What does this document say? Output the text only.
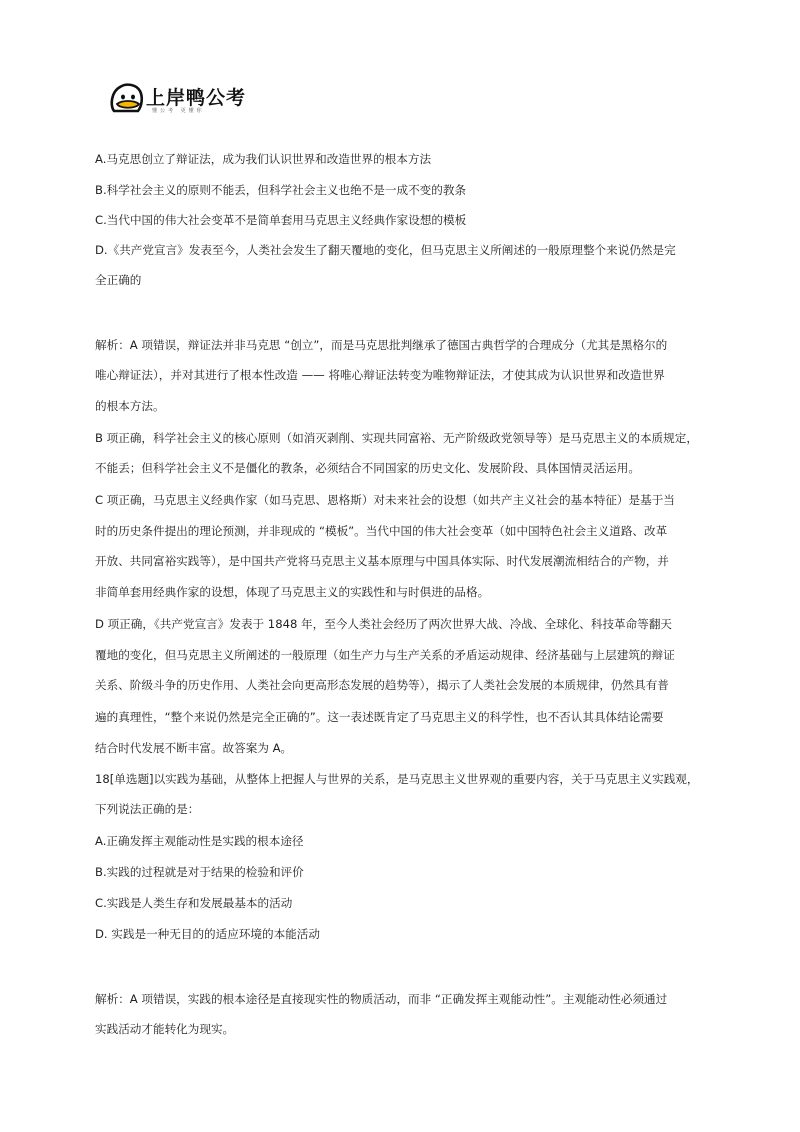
上岸鸭公考
懂公考 更懂你
A.马克思创立了辩证法，成为我们认识世界和改造世界的根本方法
B.科学社会主义的原则不能丢，但科学社会主义也绝不是一成不变的教条
C.当代中国的伟大社会变革不是简单套用马克思主义经典作家设想的模板
D.《共产党宣言》发表至今，人类社会发生了翻天覆地的变化，但马克思主义所阐述的一般原理整个来说仍然是完
全正确的
解析：A 项错误，辩证法并非马克思 “创立”，而是马克思批判继承了德国古典哲学的合理成分（尤其是黑格尔的
唯心辩证法），并对其进行了根本性改造 —— 将唯心辩证法转变为唯物辩证法，才使其成为认识世界和改造世界
的根本方法。
B 项正确，科学社会主义的核心原则（如消灭剥削、实现共同富裕、无产阶级政党领导等）是马克思主义的本质规定，
不能丢；但科学社会主义不是僵化的教条，必须结合不同国家的历史文化、发展阶段、具体国情灵活运用。
C 项正确，马克思主义经典作家（如马克思、恩格斯）对未来社会的设想（如共产主义社会的基本特征）是基于当
时的历史条件提出的理论预测，并非现成的 “模板”。当代中国的伟大社会变革（如中国特色社会主义道路、改革
开放、共同富裕实践等），是中国共产党将马克思主义基本原理与中国具体实际、时代发展潮流相结合的产物，并
非简单套用经典作家的设想，体现了马克思主义的实践性和与时俱进的品格。
D 项正确，《共产党宣言》发表于 1848 年，至今人类社会经历了两次世界大战、冷战、全球化、科技革命等翻天
覆地的变化，但马克思主义所阐述的一般原理（如生产力与生产关系的矛盾运动规律、经济基础与上层建筑的辩证
关系、阶级斗争的历史作用、人类社会向更高形态发展的趋势等），揭示了人类社会发展的本质规律，仍然具有普
遍的真理性，“整个来说仍然是完全正确的”。这一表述既肯定了马克思主义的科学性，也不否认其具体结论需要
结合时代发展不断丰富。故答案为 A。
18[单选题]以实践为基础，从整体上把握人与世界的关系，是马克思主义世界观的重要内容，关于马克思主义实践观，
下列说法正确的是：
A.正确发挥主观能动性是实践的根本途径
B.实践的过程就是对于结果的检验和评价
C.实践是人类生存和发展最基本的活动
D. 实践是一种无目的的适应环境的本能活动
解析：A 项错误，实践的根本途径是直接现实性的物质活动，而非 “正确发挥主观能动性”。主观能动性必须通过
实践活动才能转化为现实。
